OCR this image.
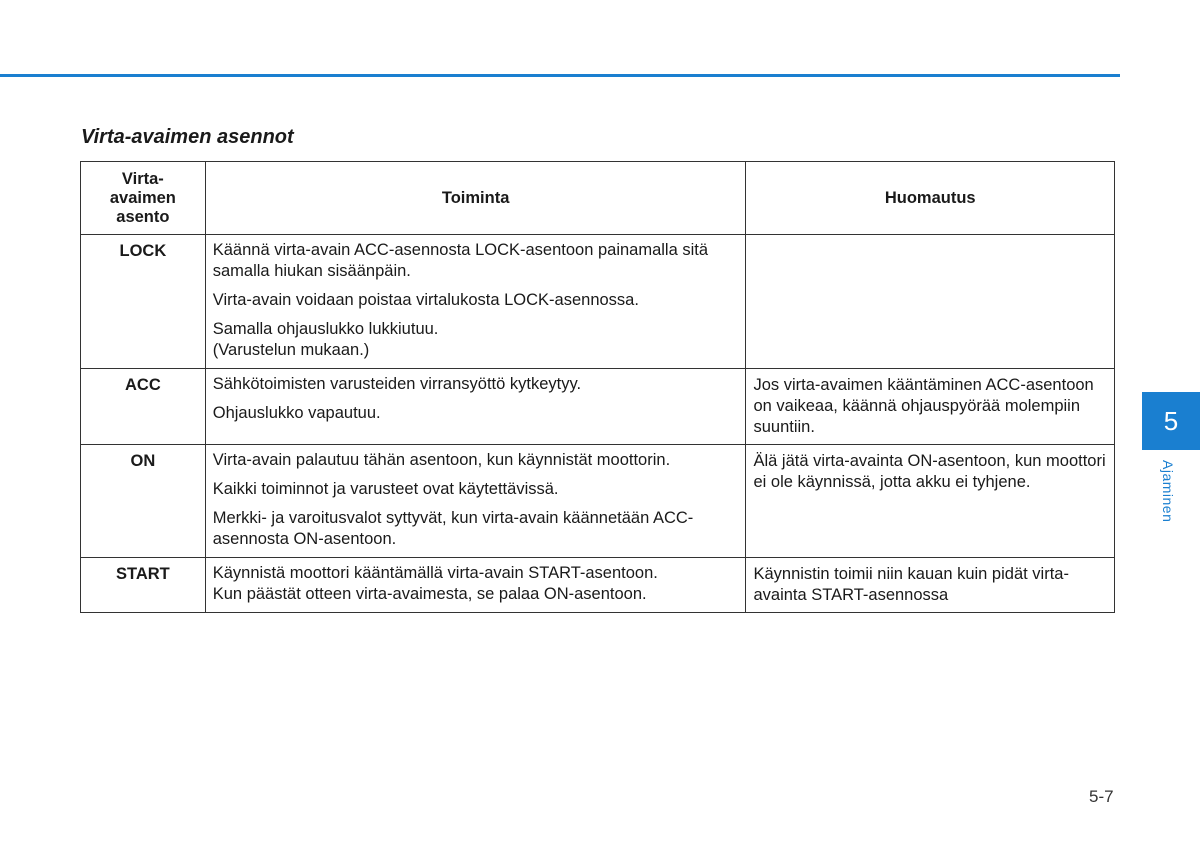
Virta-avaimen asennot
Virta-
avaimen
asento	Toiminta	Huomautus
LOCK	Käännä virta-avain ACC-asennosta LOCK-asentoon painamalla sitä samalla hiukan sisäänpäin.

Virta-avain voidaan poistaa virtalukosta LOCK-asennossa.

Samalla ohjauslukko lukkiutuu.
(Varustelun mukaan.)	

ACC	Sähkötoimisten varusteiden virransyöttö kytkeytyy.

Ohjauslukko vapautuu.	Jos virta-avaimen kääntäminen ACC-asentoon on vaikeaa, käännä ohjauspyörää molempiin suuntiin.

ON	Virta-avain palautuu tähän asentoon, kun käynnistät moottorin.

Kaikki toiminnot ja varusteet ovat käytettävissä.

Merkki- ja varoitusvalot syttyvät, kun virta-avain käännetään ACC-asennosta ON-asentoon.	Älä jätä virta-avainta ON-asentoon, kun moottori ei ole käynnissä, jotta akku ei tyhjene.

START	Käynnistä moottori kääntämällä virta-avain START-asentoon.
Kun päästät otteen virta-avaimesta, se palaa ON-asentoon.	Käynnistin toimii niin kauan kuin pidät virta-avainta START-asennossa

5
Ajaminen
5-7
